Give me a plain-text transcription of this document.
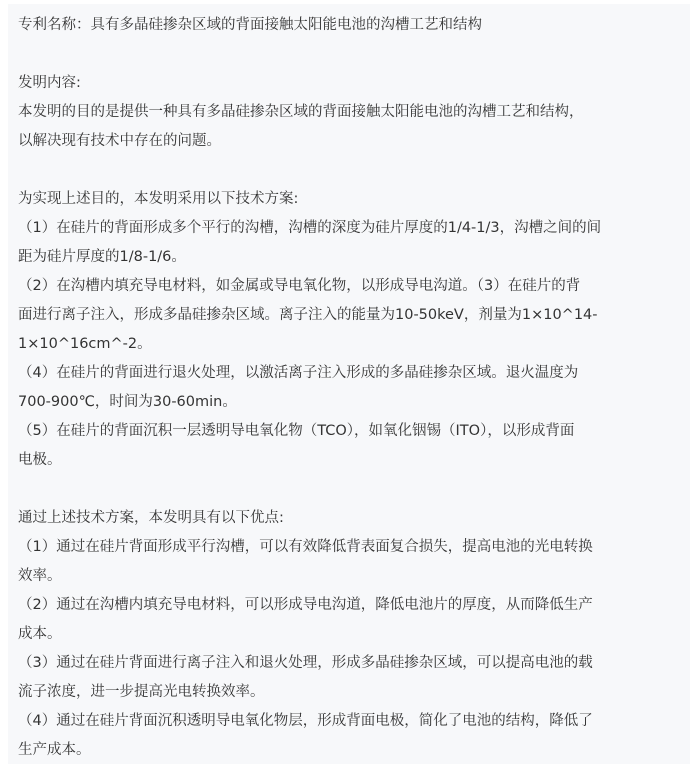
专利名称：具有多晶硅掺杂区域的背面接触太阳能电池的沟槽工艺和结构
发明内容:
本发明的目的是提供一种具有多晶硅掺杂区域的背面接触太阳能电池的沟槽工艺和结构，
以解决现有技术中存在的问题。
为实现上述目的，本发明采用以下技术方案:
（1）在硅片的背面形成多个平行的沟槽，沟槽的深度为硅片厚度的1/4-1/3，沟槽之间的间
距为硅片厚度的1/8-1/6。
（2）在沟槽内填充导电材料，如金属或导电氧化物，以形成导电沟道。（3）在硅片的背
面进行离子注入，形成多晶硅掺杂区域。离子注入的能量为10-50keV，剂量为1×10^14-
1×10^16cm^-2。
（4）在硅片的背面进行退火处理，以激活离子注入形成的多晶硅掺杂区域。退火温度为
700-900℃，时间为30-60min。
（5）在硅片的背面沉积一层透明导电氧化物（TCO），如氧化铟锡（ITO），以形成背面
电极。
通过上述技术方案，本发明具有以下优点:
（1）通过在硅片背面形成平行沟槽，可以有效降低背表面复合损失，提高电池的光电转换
效率。
（2）通过在沟槽内填充导电材料，可以形成导电沟道，降低电池片的厚度，从而降低生产
成本。
（3）通过在硅片背面进行离子注入和退火处理，形成多晶硅掺杂区域，可以提高电池的载
流子浓度，进一步提高光电转换效率。
（4）通过在硅片背面沉积透明导电氧化物层，形成背面电极，简化了电池的结构，降低了
生产成本。
